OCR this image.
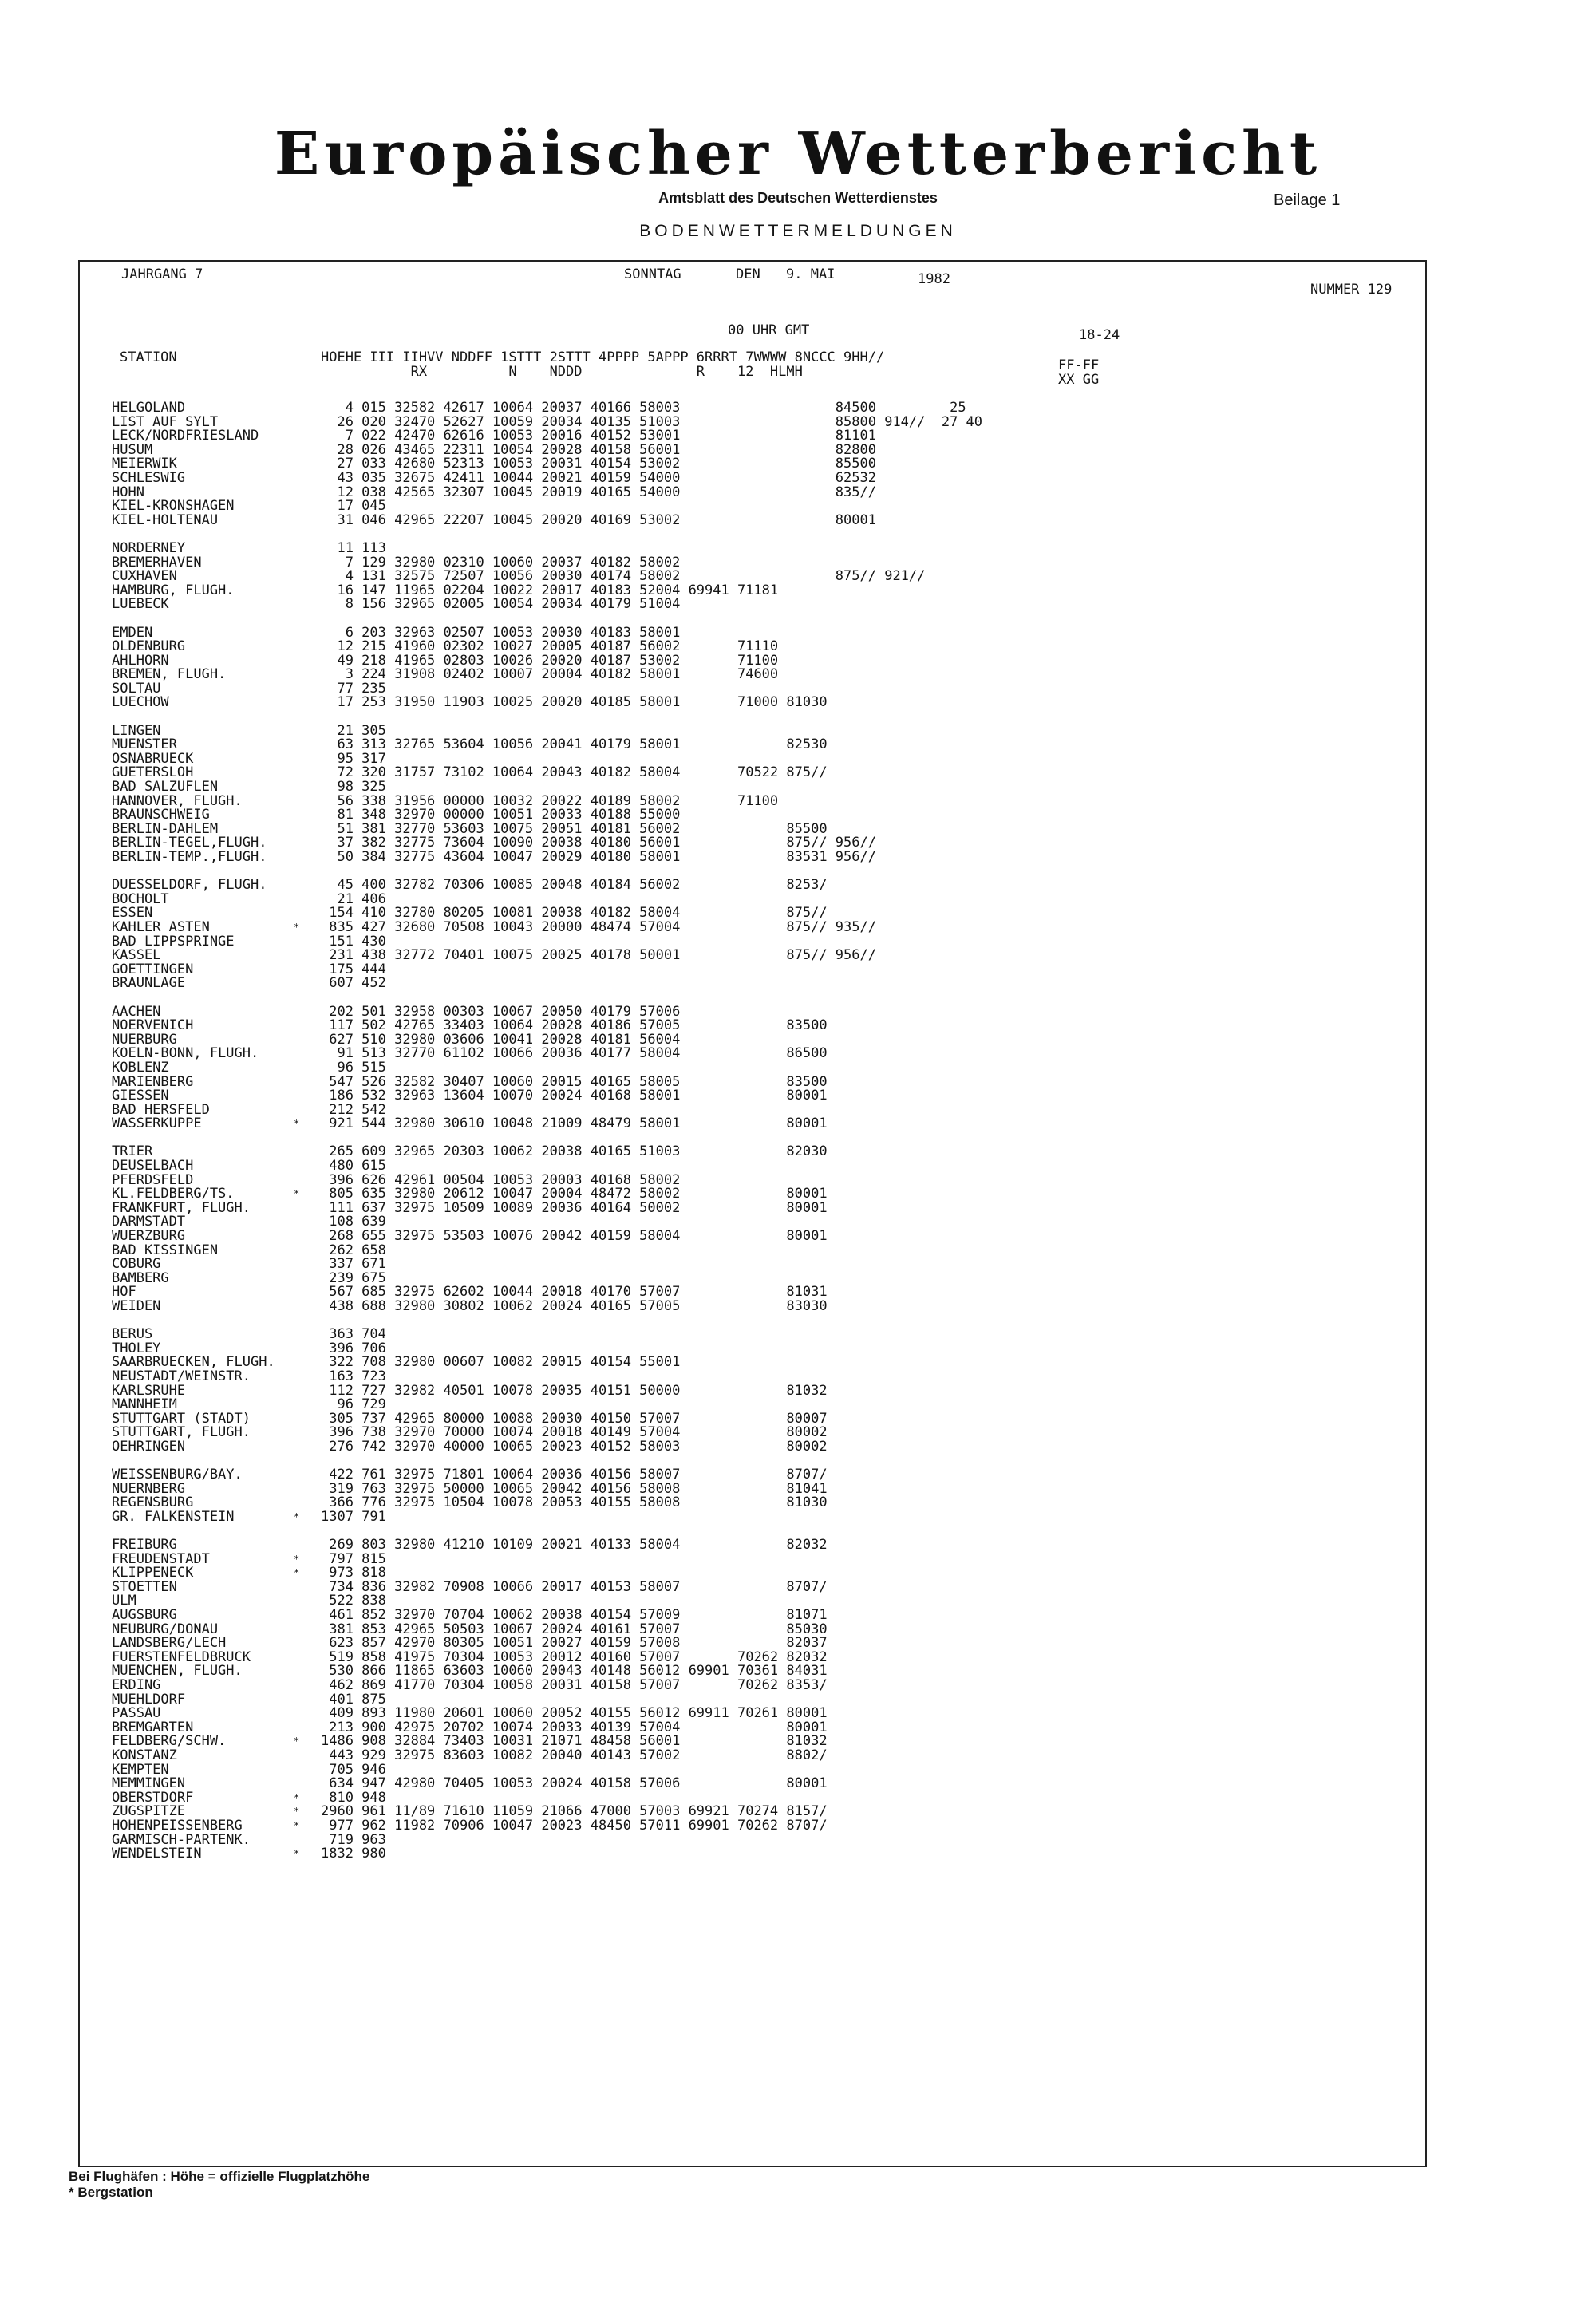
Europäischer Wetterbericht
Amtsblatt des Deutschen Wetterdienstes	Beilage 1
BODENWETTERMELDUNGEN
JAHRGANG 7	SONNTAG	DEN 9. MAI	1982
NUMMER 129
00 UHR GMT	18-24
STATION	HOEHE III IIHVV NDDFF 1STTT 2STTT 4PPPP 5APPP 6RRRT 7WWWW 8NCCC 9HH//
RX          N    NDDD              R    12  HLMH	FF-FF
XX GG
HELGOLAND	4 015 32582 42617 10064 20037 40166 58003                   84500         25
LIST AUF SYLT	26 020 32470 52627 10059 20034 40135 51003                   85800 914//  27 40
LECK/NORDFRIESLAND	7 022 42470 62616 10053 20016 40152 53001                   81101
HUSUM	28 026 43465 22311 10054 20028 40158 56001                   82800
MEIERWIK	27 033 42680 52313 10053 20031 40154 53002                   85500
SCHLESWIG	43 035 32675 42411 10044 20021 40159 54000                   62532
HOHN	12 038 42565 32307 10045 20019 40165 54000                   835//
KIEL-KRONSHAGEN	17 045
KIEL-HOLTENAU	31 046 42965 22207 10045 20020 40169 53002                   80001
NORDERNEY	11 113
BREMERHAVEN	7 129 32980 02310 10060 20037 40182 58002
CUXHAVEN	4 131 32575 72507 10056 20030 40174 58002                   875// 921//
HAMBURG, FLUGH.	16 147 11965 02204 10022 20017 40183 52004 69941 71181
LUEBECK	8 156 32965 02005 10054 20034 40179 51004
EMDEN	6 203 32963 02507 10053 20030 40183 58001
OLDENBURG	12 215 41960 02302 10027 20005 40187 56002       71110
AHLHORN	49 218 41965 02803 10026 20020 40187 53002       71100
BREMEN, FLUGH.	3 224 31908 02402 10007 20004 40182 58001       74600
SOLTAU	77 235
LUECHOW	17 253 31950 11903 10025 20020 40185 58001       71000 81030
LINGEN	21 305
MUENSTER	63 313 32765 53604 10056 20041 40179 58001             82530
OSNABRUECK	95 317
GUETERSLOH	72 320 31757 73102 10064 20043 40182 58004       70522 875//
BAD SALZUFLEN	98 325
HANNOVER, FLUGH.	56 338 31956 00000 10032 20022 40189 58002       71100
BRAUNSCHWEIG	81 348 32970 00000 10051 20033 40188 55000
BERLIN-DAHLEM	51 381 32770 53603 10075 20051 40181 56002             85500
BERLIN-TEGEL,FLUGH.	37 382 32775 73604 10090 20038 40180 56001             875// 956//
BERLIN-TEMP.,FLUGH.	50 384 32775 43604 10047 20029 40180 58001             83531 956//
DUESSELDORF, FLUGH.	45 400 32782 70306 10085 20048 40184 56002             8253/
BOCHOLT	21 406
ESSEN	154 410 32780 80205 10081 20038 40182 58004             875//
KAHLER ASTEN	* 835 427 32680 70508 10043 20000 48474 57004             875// 935//
BAD LIPPSPRINGE	151 430
KASSEL	231 438 32772 70401 10075 20025 40178 50001             875// 956//
GOETTINGEN	175 444
BRAUNLAGE	607 452
AACHEN	202 501 32958 00303 10067 20050 40179 57006
NOERVENICH	117 502 42765 33403 10064 20028 40186 57005             83500
NUERBURG	627 510 32980 03606 10041 20028 40181 56004
KOELN-BONN, FLUGH.	91 513 32770 61102 10066 20036 40177 58004             86500
KOBLENZ	96 515
MARIENBERG	547 526 32582 30407 10060 20015 40165 58005             83500
GIESSEN	186 532 32963 13604 10070 20024 40168 58001             80001
BAD HERSFELD	212 542
WASSERKUPPE	* 921 544 32980 30610 10048 21009 48479 58001             80001
TRIER	265 609 32965 20303 10062 20038 40165 51003             82030
DEUSELBACH	480 615
PFERDSFELD	396 626 42961 00504 10053 20003 40168 58002
KL.FELDBERG/TS.	* 805 635 32980 20612 10047 20004 48472 58002             80001
FRANKFURT, FLUGH.	111 637 32975 10509 10089 20036 40164 50002             80001
DARMSTADT	108 639
WUERZBURG	268 655 32975 53503 10076 20042 40159 58004             80001
BAD KISSINGEN	262 658
COBURG	337 671
BAMBERG	239 675
HOF	567 685 32975 62602 10044 20018 40170 57007             81031
WEIDEN	438 688 32980 30802 10062 20024 40165 57005             83030
BERUS	363 704
THOLEY	396 706
SAARBRUECKEN, FLUGH.	322 708 32980 00607 10082 20015 40154 55001
NEUSTADT/WEINSTR.	163 723
KARLSRUHE	112 727 32982 40501 10078 20035 40151 50000             81032
MANNHEIM	96 729
STUTTGART (STADT)	305 737 42965 80000 10088 20030 40150 57007             80007
STUTTGART, FLUGH.	396 738 32970 70000 10074 20018 40149 57004             80002
OEHRINGEN	276 742 32970 40000 10065 20023 40152 58003             80002
WEISSENBURG/BAY.	422 761 32975 71801 10064 20036 40156 58007             8707/
NUERNBERG	319 763 32975 50000 10065 20042 40156 58008             81041
REGENSBURG	366 776 32975 10504 10078 20053 40155 58008             81030
GR. FALKENSTEIN	* 1307 791
FREIBURG	269 803 32980 41210 10109 20021 40133 58004             82032
FREUDENSTADT	* 797 815
KLIPPENECK	* 973 818
STOETTEN	734 836 32982 70908 10066 20017 40153 58007             8707/
ULM	522 838
AUGSBURG	461 852 32970 70704 10062 20038 40154 57009             81071
NEUBURG/DONAU	381 853 42965 50503 10067 20024 40161 57007             85030
LANDSBERG/LECH	623 857 42970 80305 10051 20027 40159 57008             82037
FUERSTENFELDBRUCK	519 858 41975 70304 10053 20012 40160 57007       70262 82032
MUENCHEN, FLUGH.	530 866 11865 63603 10060 20043 40148 56012 69901 70361 84031
ERDING	462 869 41770 70304 10058 20031 40158 57007       70262 8353/
MUEHLDORF	401 875
PASSAU	409 893 11980 20601 10060 20052 40155 56012 69911 70261 80001
BREMGARTEN	213 900 42975 20702 10074 20033 40139 57004             80001
FELDBERG/SCHW.	* 1486 908 32884 73403 10031 21071 48458 56001             81032
KONSTANZ	443 929 32975 83603 10082 20040 40143 57002             8802/
KEMPTEN	705 946
MEMMINGEN	634 947 42980 70405 10053 20024 40158 57006             80001
OBERSTDORF	* 810 948
ZUGSPITZE	* 2960 961 11/89 71610 11059 21066 47000 57003 69921 70274 8157/
HOHENPEISSENBERG	* 977 962 11982 70906 10047 20023 48450 57011 69901 70262 8707/
GARMISCH-PARTENK.	719 963
WENDELSTEIN	* 1832 980
Bei Flughäfen : Höhe = offizielle Flugplatzhöhe
* Bergstation
